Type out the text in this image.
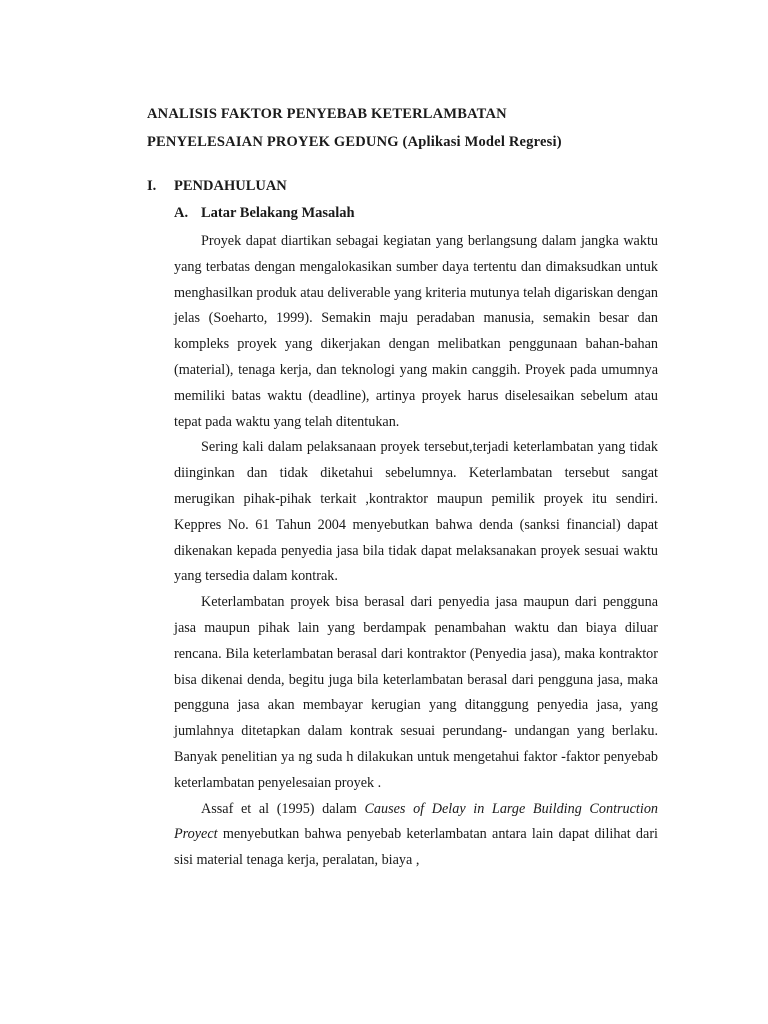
ANALISIS FAKTOR PENYEBAB KETERLAMBATAN
PENYELESAIAN PROYEK GEDUNG (Aplikasi Model Regresi)
I. PENDAHULUAN
A. Latar Belakang Masalah

Proyek dapat diartikan sebagai kegiatan yang berlangsung dalam jangka waktu yang terbatas dengan mengalokasikan sumber daya tertentu dan dimaksudkan untuk menghasilkan produk atau deliverable yang kriteria mutunya telah digariskan dengan jelas (Soeharto, 1999). Semakin maju peradaban manusia, semakin besar dan kompleks proyek yang dikerjakan dengan melibatkan penggunaan bahan-bahan (material), tenaga kerja, dan teknologi yang makin canggih. Proyek pada umumnya memiliki batas waktu (deadline), artinya proyek harus diselesaikan sebelum atau tepat pada waktu yang telah ditentukan.

Sering kali dalam pelaksanaan proyek tersebut,terjadi keterlambatan yang tidak diinginkan dan tidak diketahui sebelumnya. Keterlambatan tersebut sangat merugikan pihak-pihak terkait ,kontraktor maupun pemilik proyek itu sendiri. Keppres No. 61 Tahun 2004 menyebutkan bahwa denda (sanksi financial) dapat dikenakan kepada penyedia jasa bila tidak dapat melaksanakan proyek sesuai waktu yang tersedia dalam kontrak.

Keterlambatan proyek bisa berasal dari penyedia jasa maupun dari pengguna jasa maupun pihak lain yang berdampak penambahan waktu dan biaya diluar rencana. Bila keterlambatan berasal dari kontraktor (Penyedia jasa), maka kontraktor bisa dikenai denda, begitu juga bila keterlambatan berasal dari pengguna jasa, maka pengguna jasa akan membayar kerugian yang ditanggung penyedia jasa, yang jumlahnya ditetapkan dalam kontrak sesuai perundang- undangan yang berlaku. Banyak penelitian ya ng suda h dilakukan untuk mengetahui faktor -faktor penyebab keterlambatan penyelesaian proyek .

Assaf et al (1995) dalam Causes of Delay in Large Building Contruction Proyect menyebutkan bahwa penyebab keterlambatan antara lain dapat dilihat dari sisi material tenaga kerja, peralatan, biaya ,
